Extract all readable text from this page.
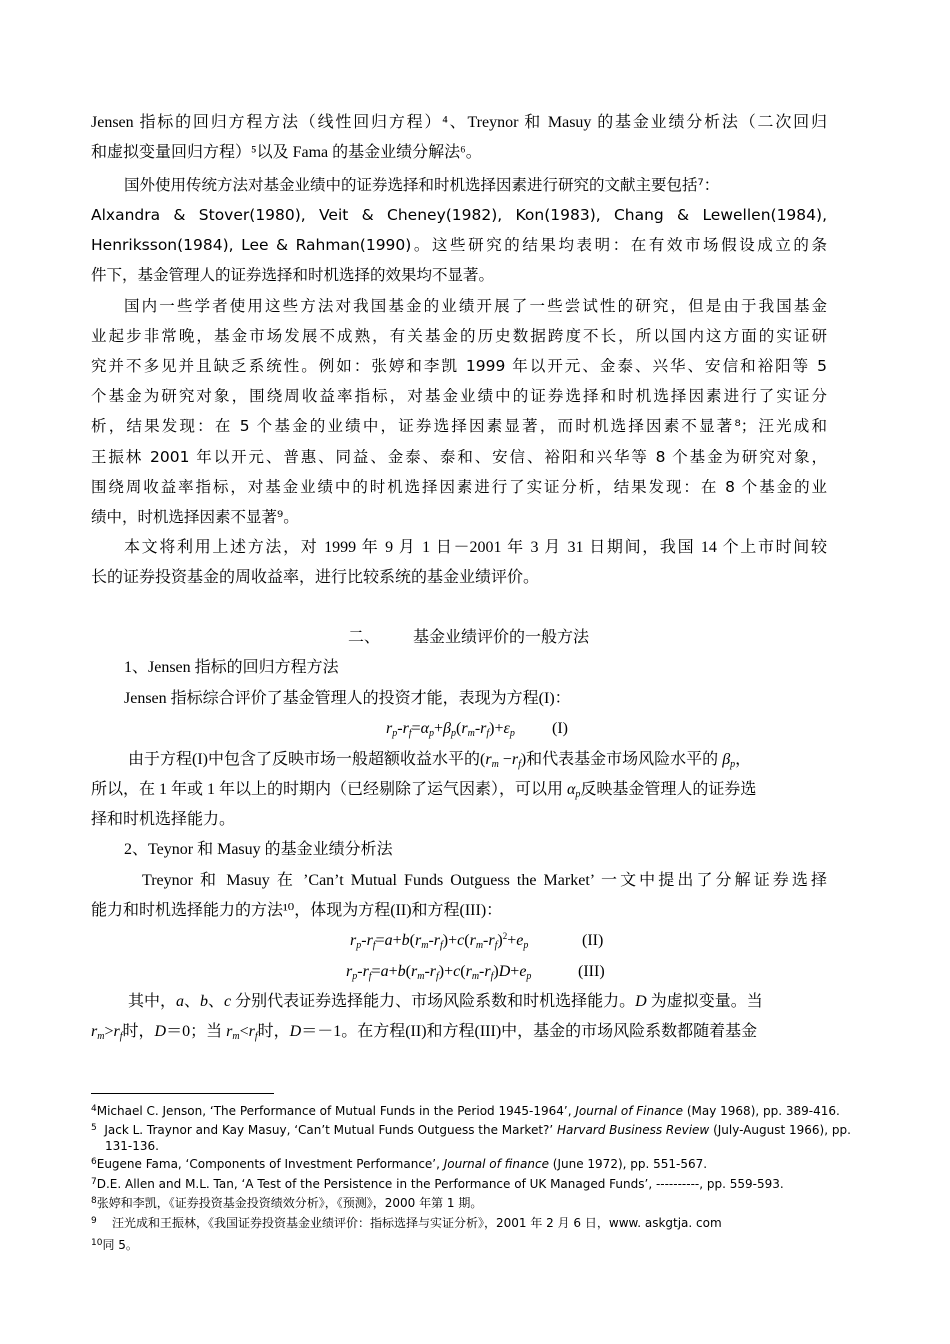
Jensen 指标的回归方程方法（线性回归方程）⁴、Treynor 和 Masuy 的基金业绩分析法（二次回归
和虚拟变量回归方程）⁵以及 Fama 的基金业绩分解法⁶。
国外使用传统方法对基金业绩中的证券选择和时机选择因素进行研究的文献主要包括⁷：
Alxandra & Stover(1980), Veit & Cheney(1982), Kon(1983), Chang & Lewellen(1984),
Henriksson(1984), Lee & Rahman(1990)。这些研究的结果均表明：在有效市场假设成立的条
件下，基金管理人的证券选择和时机选择的效果均不显著。
国内一些学者使用这些方法对我国基金的业绩开展了一些尝试性的研究，但是由于我国基金
业起步非常晚，基金市场发展不成熟，有关基金的历史数据跨度不长，所以国内这方面的实证研
究并不多见并且缺乏系统性。例如：张婷和李凯 1999 年以开元、金泰、兴华、安信和裕阳等 5
个基金为研究对象，围绕周收益率指标，对基金业绩中的证券选择和时机选择因素进行了实证分
析，结果发现：在 5 个基金的业绩中，证券选择因素显著，而时机选择因素不显著⁸；汪光成和
王振林 2001 年以开元、普惠、同益、金泰、泰和、安信、裕阳和兴华等 8 个基金为研究对象，
围绕周收益率指标，对基金业绩中的时机选择因素进行了实证分析，结果发现：在 8 个基金的业
绩中，时机选择因素不显著⁹。
本文将利用上述方法，对 1999 年 9 月 1 日－2001 年 3 月 31 日期间，我国 14 个上市时间较
长的证券投资基金的周收益率，进行比较系统的基金业绩评价。
二、 基金业绩评价的一般方法
1、Jensen 指标的回归方程方法
Jensen 指标综合评价了基金管理人的投资才能，表现为方程(I)：
$r_p-r_f=\alpha_p+\beta_p(r_m-r_f)+\varepsilon_p$ (I)
由于方程(I)中包含了反映市场一般超额收益水平的$(r_m -r_f)$和代表基金市场风险水平的 $\beta_p$，
所以，在 1 年或 1 年以上的时期内（已经剔除了运气因素），可以用 $\alpha_p$反映基金管理人的证券选
择和时机选择能力。
2、Teynor 和 Masuy 的基金业绩分析法
Treynor 和 Masuy 在 ’Can’t Mutual Funds Outguess the Market’ 一文中提出了分解证券选择
能力和时机选择能力的方法¹⁰，体现为方程(II)和方程(III)：
$r_p-r_f=a+b(r_m-r_f)+c(r_m-r_f)^2+e_p$	(II)
$r_p-r_f=a+b(r_m-r_f)+c(r_m-r_f)D+e_p$	(III)
其中，a、b、c 分别代表证券选择能力、市场风险系数和时机选择能力。D 为虚拟变量。当
$r_m>r_f$时，D＝0；当 $r_m<r_f$时，D＝－1。在方程(II)和方程(III)中，基金的市场风险系数都随着基金
$^4$Michael C. Jenson, ‘The Performance of Mutual Funds in the Period 1945-1964’, Journal of Finance (May 1968), pp. 389-416.
$^5$  Jack L. Traynor and Kay Masuy, ‘Can’t Mutual Funds Outguess the Market?’ Harvard Business Review (July-August 1966), pp.
131-136.
$^6$Eugene Fama, ‘Components of Investment Performance’, Journal of finance (June 1972), pp. 551-567.
$^7$D.E. Allen and M.L. Tan, ‘A Test of the Persistence in the Performance of UK Managed Funds’, ----------, pp. 559-593.
$^8$张婷和李凯，《证券投资基金投资绩效分析》，《预测》，2000 年第 1 期。
$^9$    汪光成和王振林，《我国证券投资基金业绩评价：指标选择与实证分析》，2001 年 2 月 6 日，www. askgtja. com
$^{10}$同 5。
